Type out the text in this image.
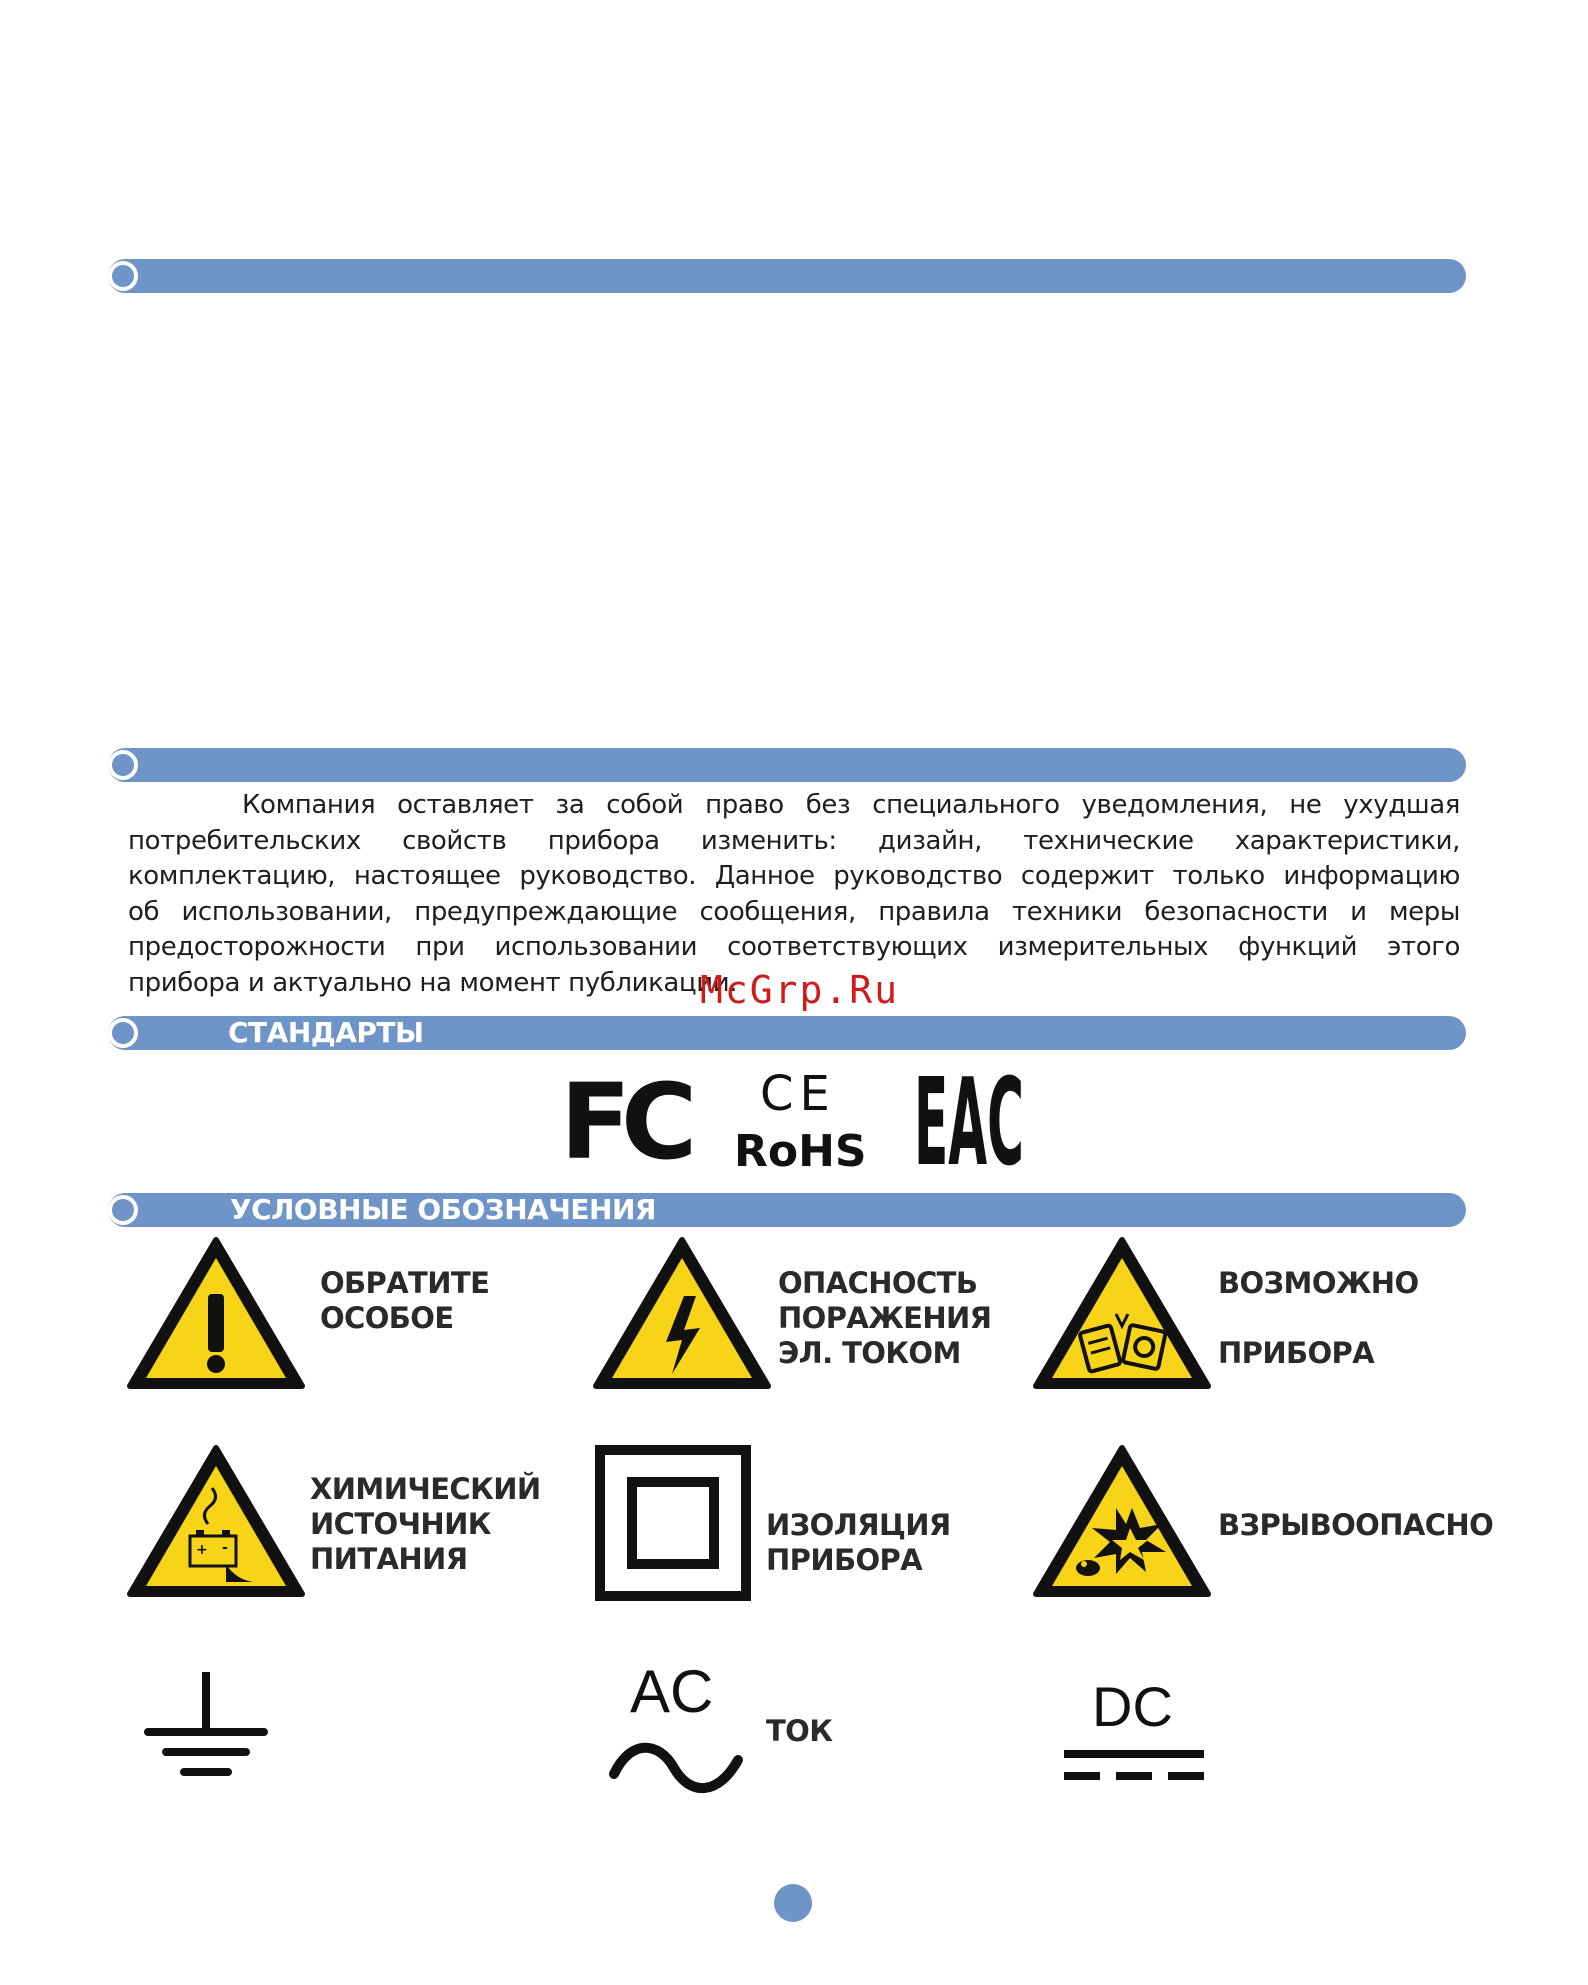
СТАНДАРТЫ
УСЛОВНЫЕ ОБОЗНАЧЕНИЯ
Компания оставляет за собой право без специального уведомления, не ухудшая
потребительских свойств прибора изменить: дизайн, технические характеристики,
комплектацию, настоящее руководство. Данное руководство содержит только информацию
об использовании, предупреждающие сообщения, правила техники безопасности и меры
предосторожности при использовании соответствующих измерительных функций этого
прибора и актуально на момент публикации.
McGrp.Ru
FC CE
RoHS EAC
ОБРАТИТЕ
ОСОБОЕ
ОПАСНОСТЬ
ПОРАЖЕНИЯ
ЭЛ. ТОКОМ
ВОЗМОЖНО
ПРИБОРА
+ -
ХИМИЧЕСКИЙ
ИСТОЧНИК
ПИТАНИЯ
ИЗОЛЯЦИЯ
ПРИБОРА
ВЗРЫВООПАСНО
AC
ТОК	DC
